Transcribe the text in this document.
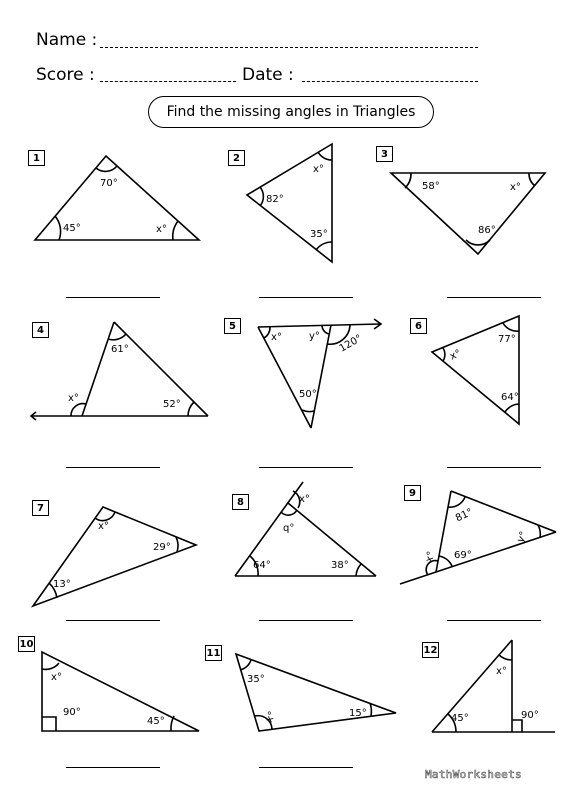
Name :
Score :	Date :
Find the missing angles in Triangles
1	2	3
4	5	6
7
8
9
10
11	12
70°
45°	x°
x°
82°
35°
58°	x°
86°
61°
x°
52°
x°	y° 120°
50°
77°
x°
64°
x°
29°
13°
x°
q°
64°	38°
81°
y°
x° 69°
x°
90°
45°
35°
x°	15°
x°
45°	90°
MathWorksheets
